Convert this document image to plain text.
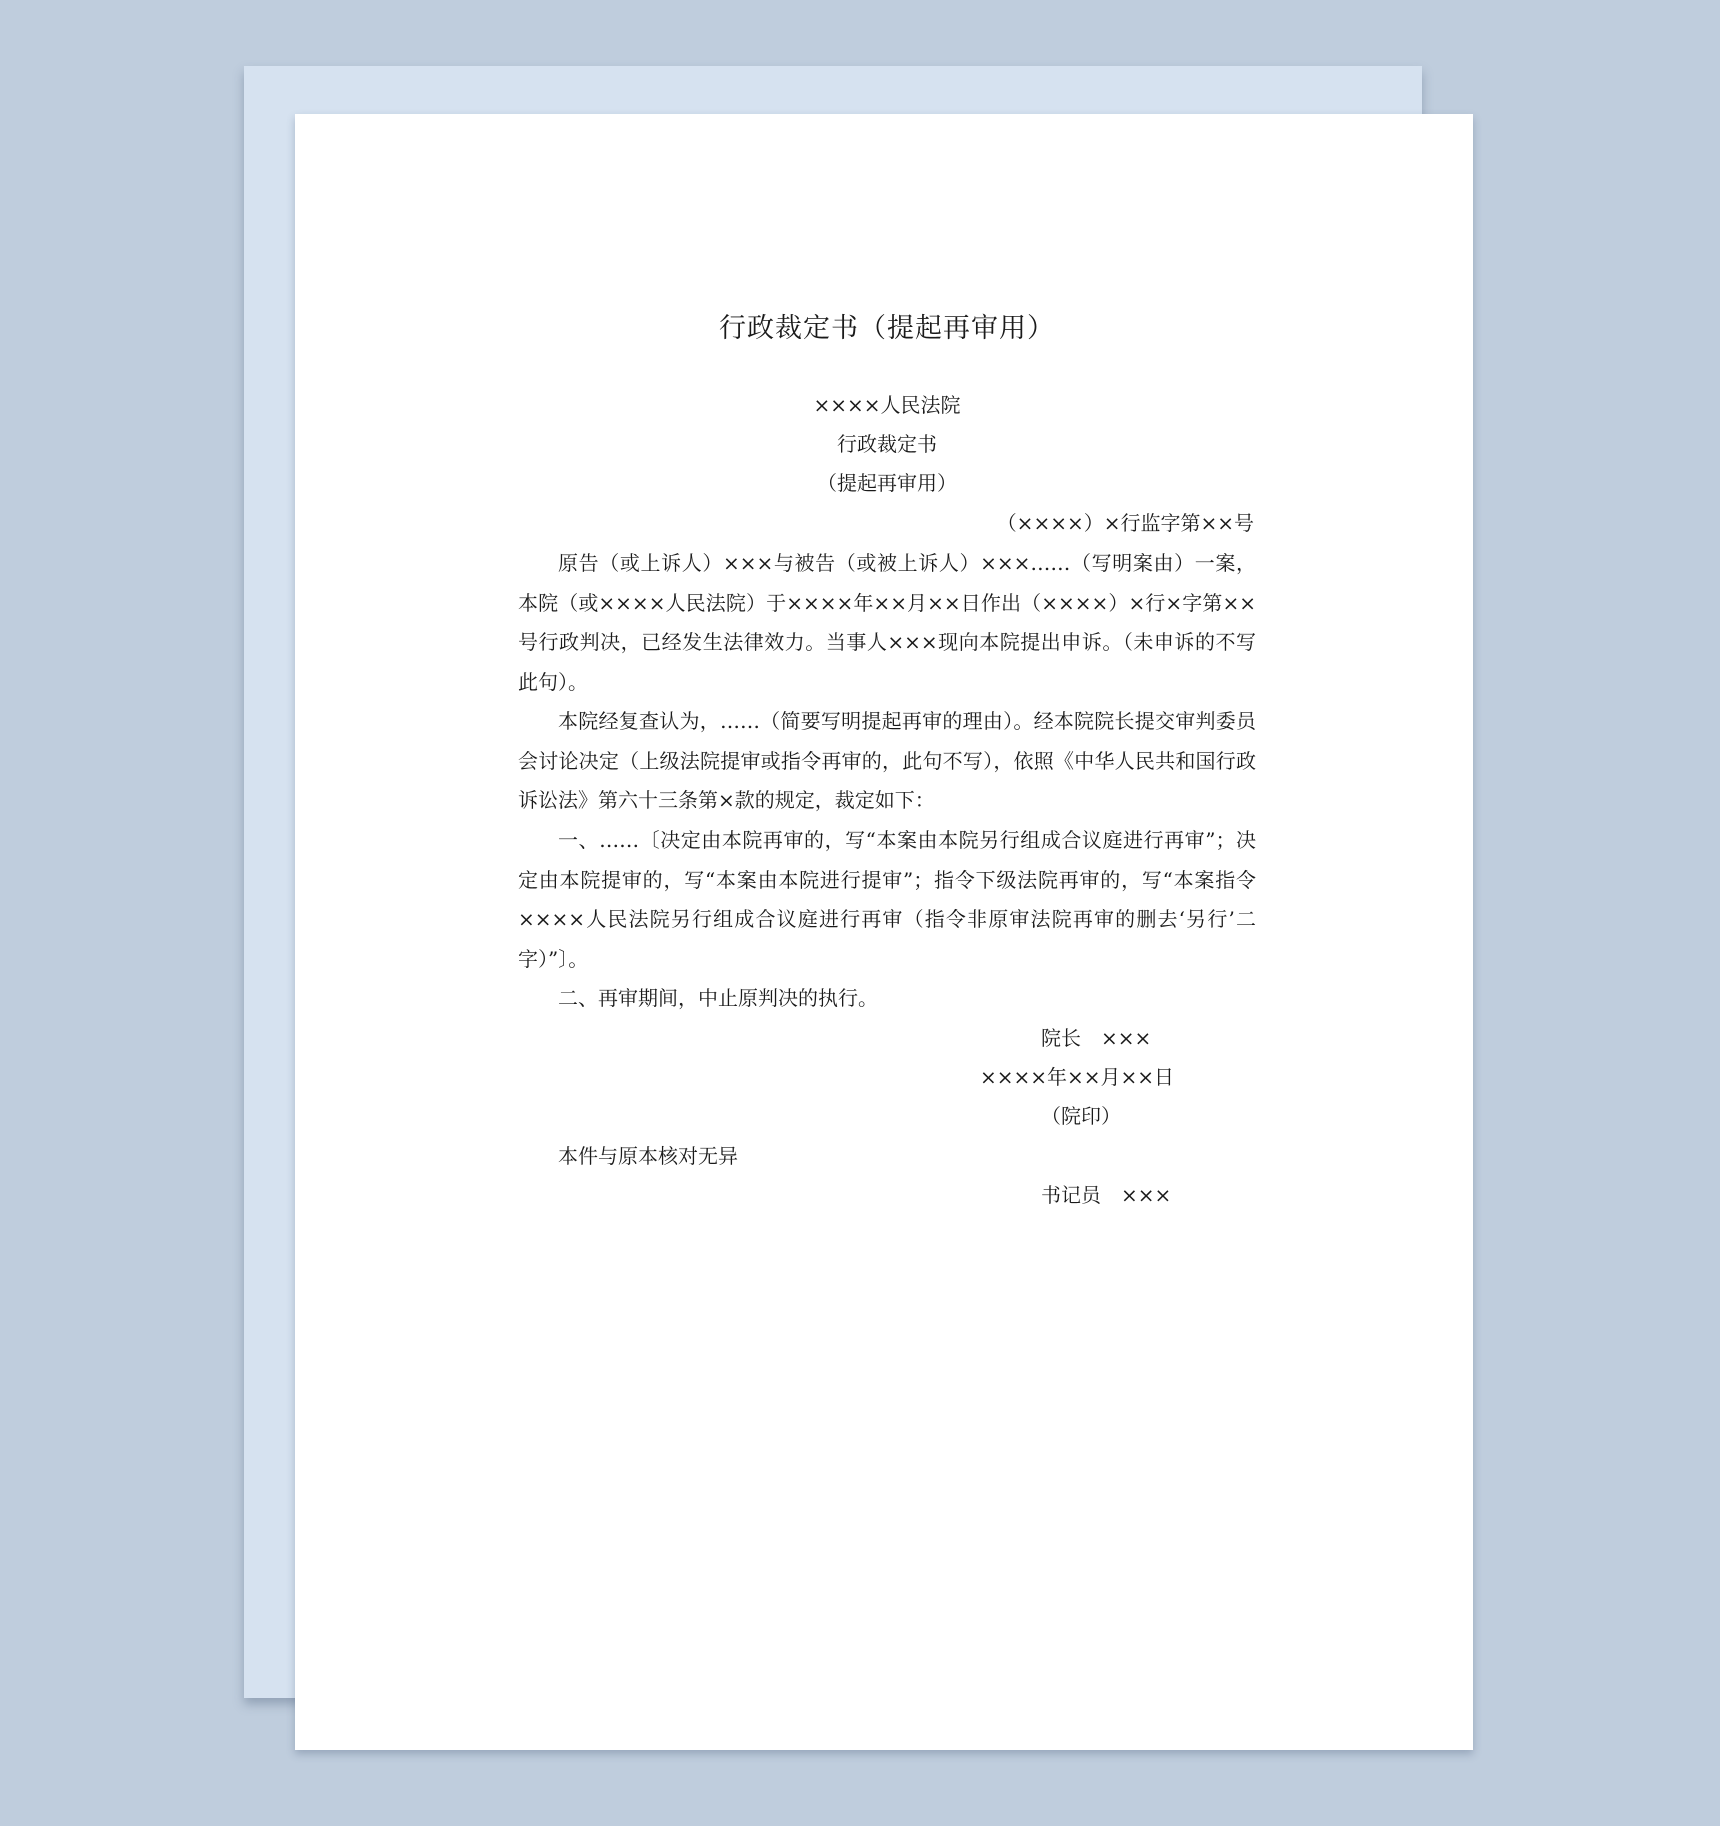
行政裁定书（提起再审用）
××××人民法院
行政裁定书
（提起再审用）
（××××）×行监字第××号

原告（或上诉人）×××与被告（或被上诉人）×××……（写明案由）一案，本院（或××××人民法院）于××××年××月××日作出（××××）×行×字第××号行政判决，已经发生法律效力。当事人×××现向本院提出申诉。（未申诉的不写此句）。

本院经复查认为，……（简要写明提起再审的理由）。经本院院长提交审判委员会讨论决定（上级法院提审或指令再审的，此句不写），依照《中华人民共和国行政诉讼法》第六十三条第×款的规定，裁定如下：

一、……〔决定由本院再审的，写“本案由本院另行组成合议庭进行再审”；决定由本院提审的，写“本案由本院进行提审”；指令下级法院再审的，写“本案指令××××人民法院另行组成合议庭进行再审（指令非原审法院再审的删去‘另行’二字）”〕。

二、再审期间，中止原判决的执行。

院长　×××
××××年××月××日
（院印）
本件与原本核对无异
书记员　×××
